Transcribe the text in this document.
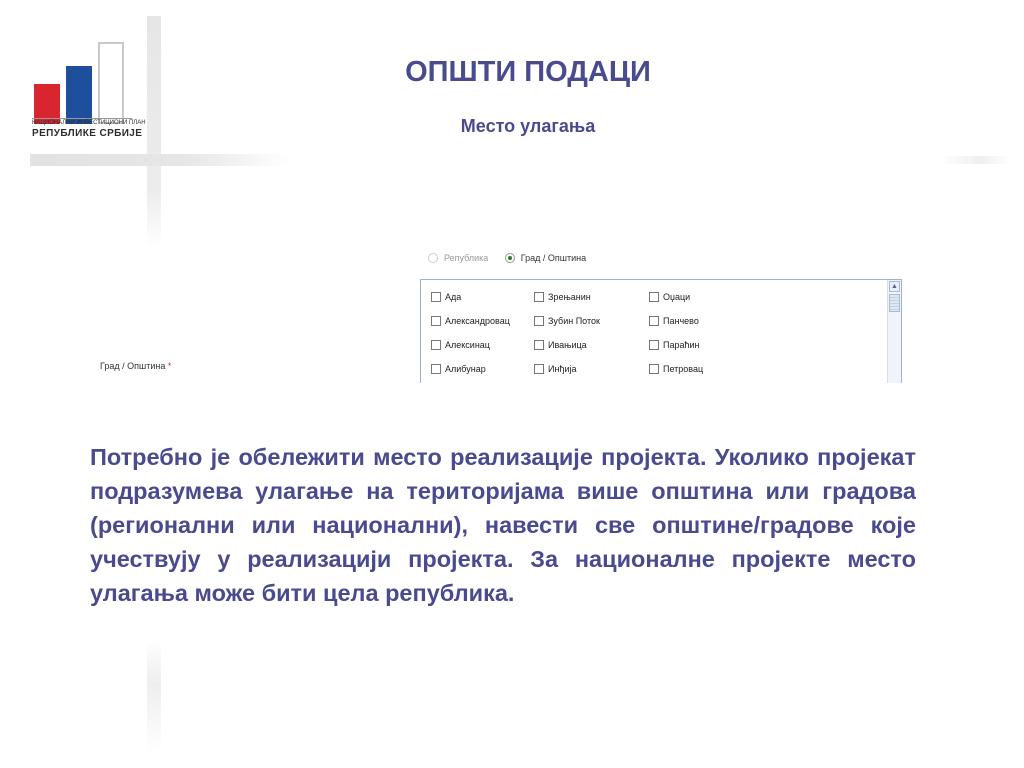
НАЦИОНАЛНИ ИНВЕСТИЦИОНИ ПЛАН
РЕПУБЛИКЕ СРБИЈЕ
ОПШТИ ПОДАЦИ
Место улагања
Град / Општина *
Република
	Град / Општина
Ада	Зрењанин	Оџаци
Александровац	Зубин Поток	Панчево
Алексинац	Ивањица	Параћин
Алибунар	Инђија	Петровац
▲

Потребно је обележити место реализације пројекта. Уколико пројекат подразумева улагање на територијама више општина или градова (регионални или национални), навести све општине/градове које учествују у реализацији пројекта. За националне пројекте место улагања може бити цела република.
